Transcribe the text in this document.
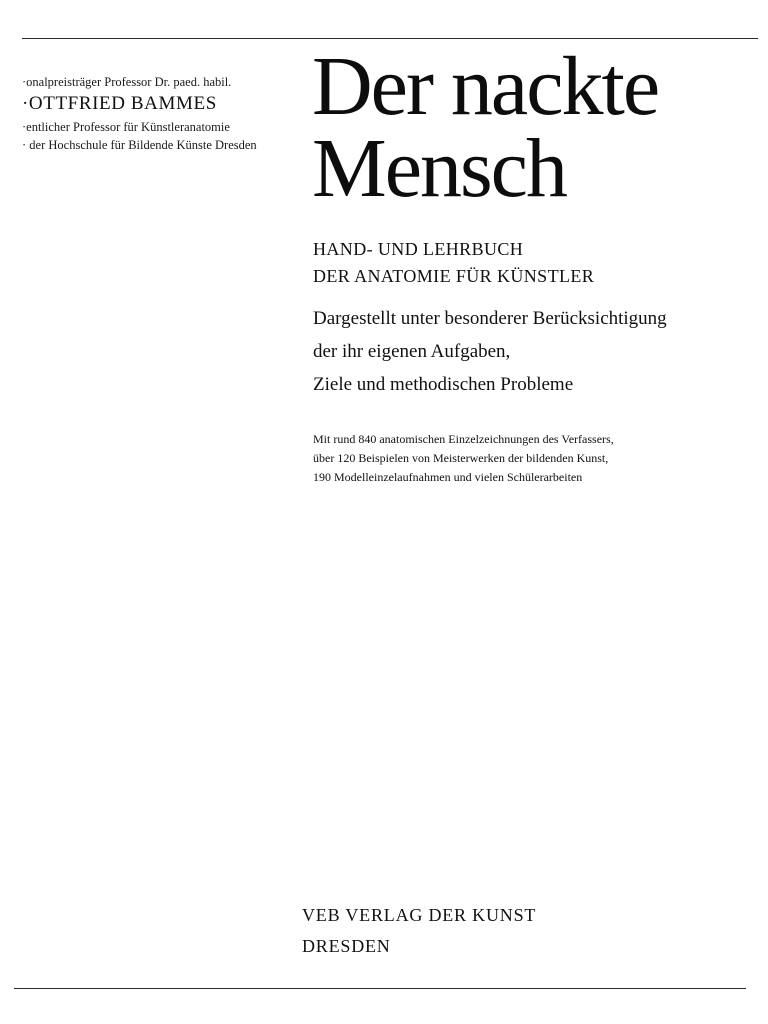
·onalpreisträger Professor Dr. paed. habil.
·OTTFRIED BAMMES
·entlicher Professor für Künstleranatomie
· der Hochschule für Bildende Künste Dresden
Der nackte
Mensch
HAND- UND LEHRBUCH
DER ANATOMIE FÜR KÜNSTLER
Dargestellt unter besonderer Berücksichtigung
der ihr eigenen Aufgaben,
Ziele und methodischen Probleme
Mit rund 840 anatomischen Einzelzeichnungen des Verfassers,
über 120 Beispielen von Meisterwerken der bildenden Kunst,
190 Modelleinzelaufnahmen und vielen Schülerarbeiten
VEB VERLAG DER KUNST
DRESDEN
